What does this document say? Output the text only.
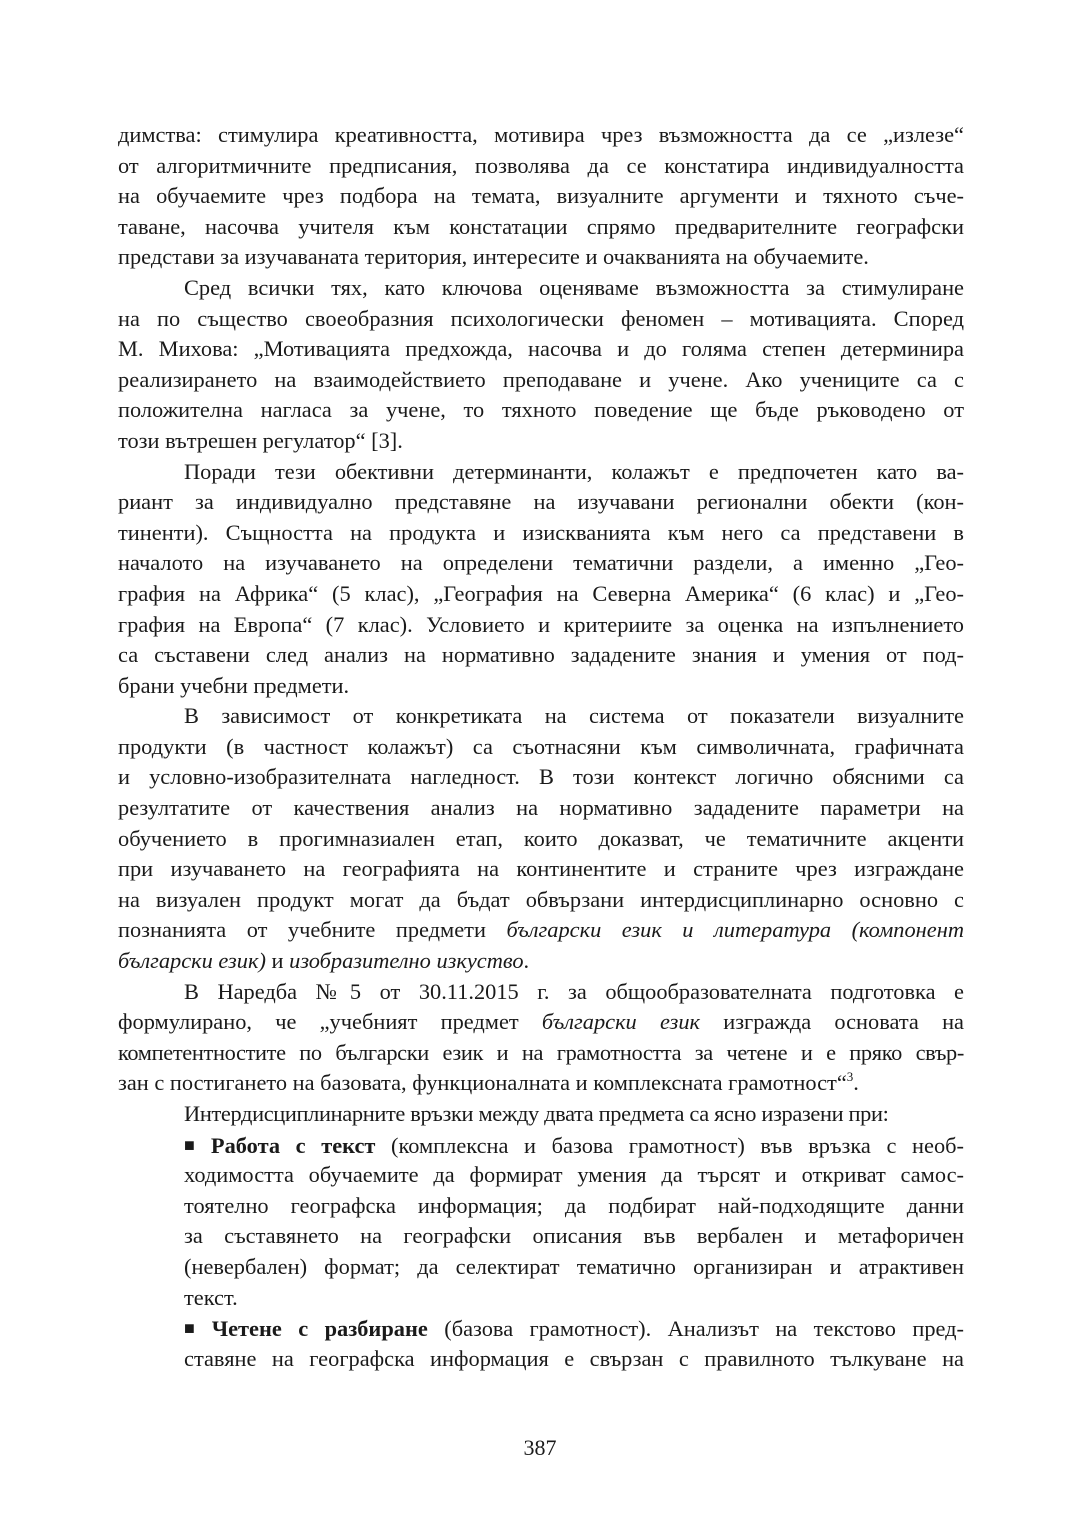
димства: стимулира креативността, мотивира чрез възможността да се „излезе“
от алгоритмичните предписания, позволява да се констатира индивидуалността
на обучаемите чрез подбора на темата, визуалните аргументи и тяхното съче-
таване, насочва учителя към констатации спрямо предварителните географски
представи за изучаваната територия, интересите и очакванията на обучаемите.
Сред всички тях, като ключова оценяваме възможността за стимулиране
на по същество своеобразния психологически феномен – мотивацията. Според
М. Михова: „Мотивацията предхожда, насочва и до голяма степен детерминира
реализирането на взаимодействието преподаване и учене. Ако учениците са с
положителна нагласа за учене, то тяхното поведение ще бъде ръководено от
този вътрешен регулатор“ [3].
Поради тези обективни детерминанти, колажът е предпочетен като ва-
риант за индивидуално представяне на изучавани регионални обекти (кон-
тиненти). Същността на продукта и изискванията към него са представени в
началото на изучаването на определени тематични раздели, а именно „Гео-
графия на Африка“ (5 клас), „География на Северна Америка“ (6 клас) и „Гео-
графия на Европа“ (7 клас). Условието и критериите за оценка на изпълнението
са съставени след анализ на нормативно зададените знания и умения от под-
брани учебни предмети.
В зависимост от конкретиката на система от показатели визуалните
продукти (в частност колажът) са съотнасяни към символичната, графичната
и условно-изобразителната нагледност. В този контекст логично обясними са
резултатите от качествения анализ на нормативно зададените параметри на
обучението в прогимназиален етап, които доказват, че тематичните акценти
при изучаването на географията на континентите и страните чрез изграждане
на визуален продукт могат да бъдат обвързани интердисциплинарно основно с
познанията от учебните предмети български език и литература (компонент
български език) и изобразително изкуство.
В Наредба №5 от 30.11.2015 г. за общообразователната подготовка е
формулирано, че „учебният предмет български език изгражда основата на
компетентностите по български език и на грамотността за четене и е пряко свър-
зан с постигането на базовата, функционалната и комплексната грамотност“$^3$.
Интердисциплинарните връзки между двата предмета са ясно изразени при:
■ Работа с текст (комплексна и базова грамотност) във връзка с необ-
ходимостта обучаемите да формират умения да търсят и откриват самос-
тоятелно географска информация; да подбират най-подходящите данни
за съставянето на географски описания във вербален и метафоричен
(невербален) формат; да селектират тематично организиран и атрактивен
текст.
■ Четене с разбиране (базова грамотност). Анализът на текстово пред-
ставяне на географска информация е свързан с правилното тълкуване на
387
